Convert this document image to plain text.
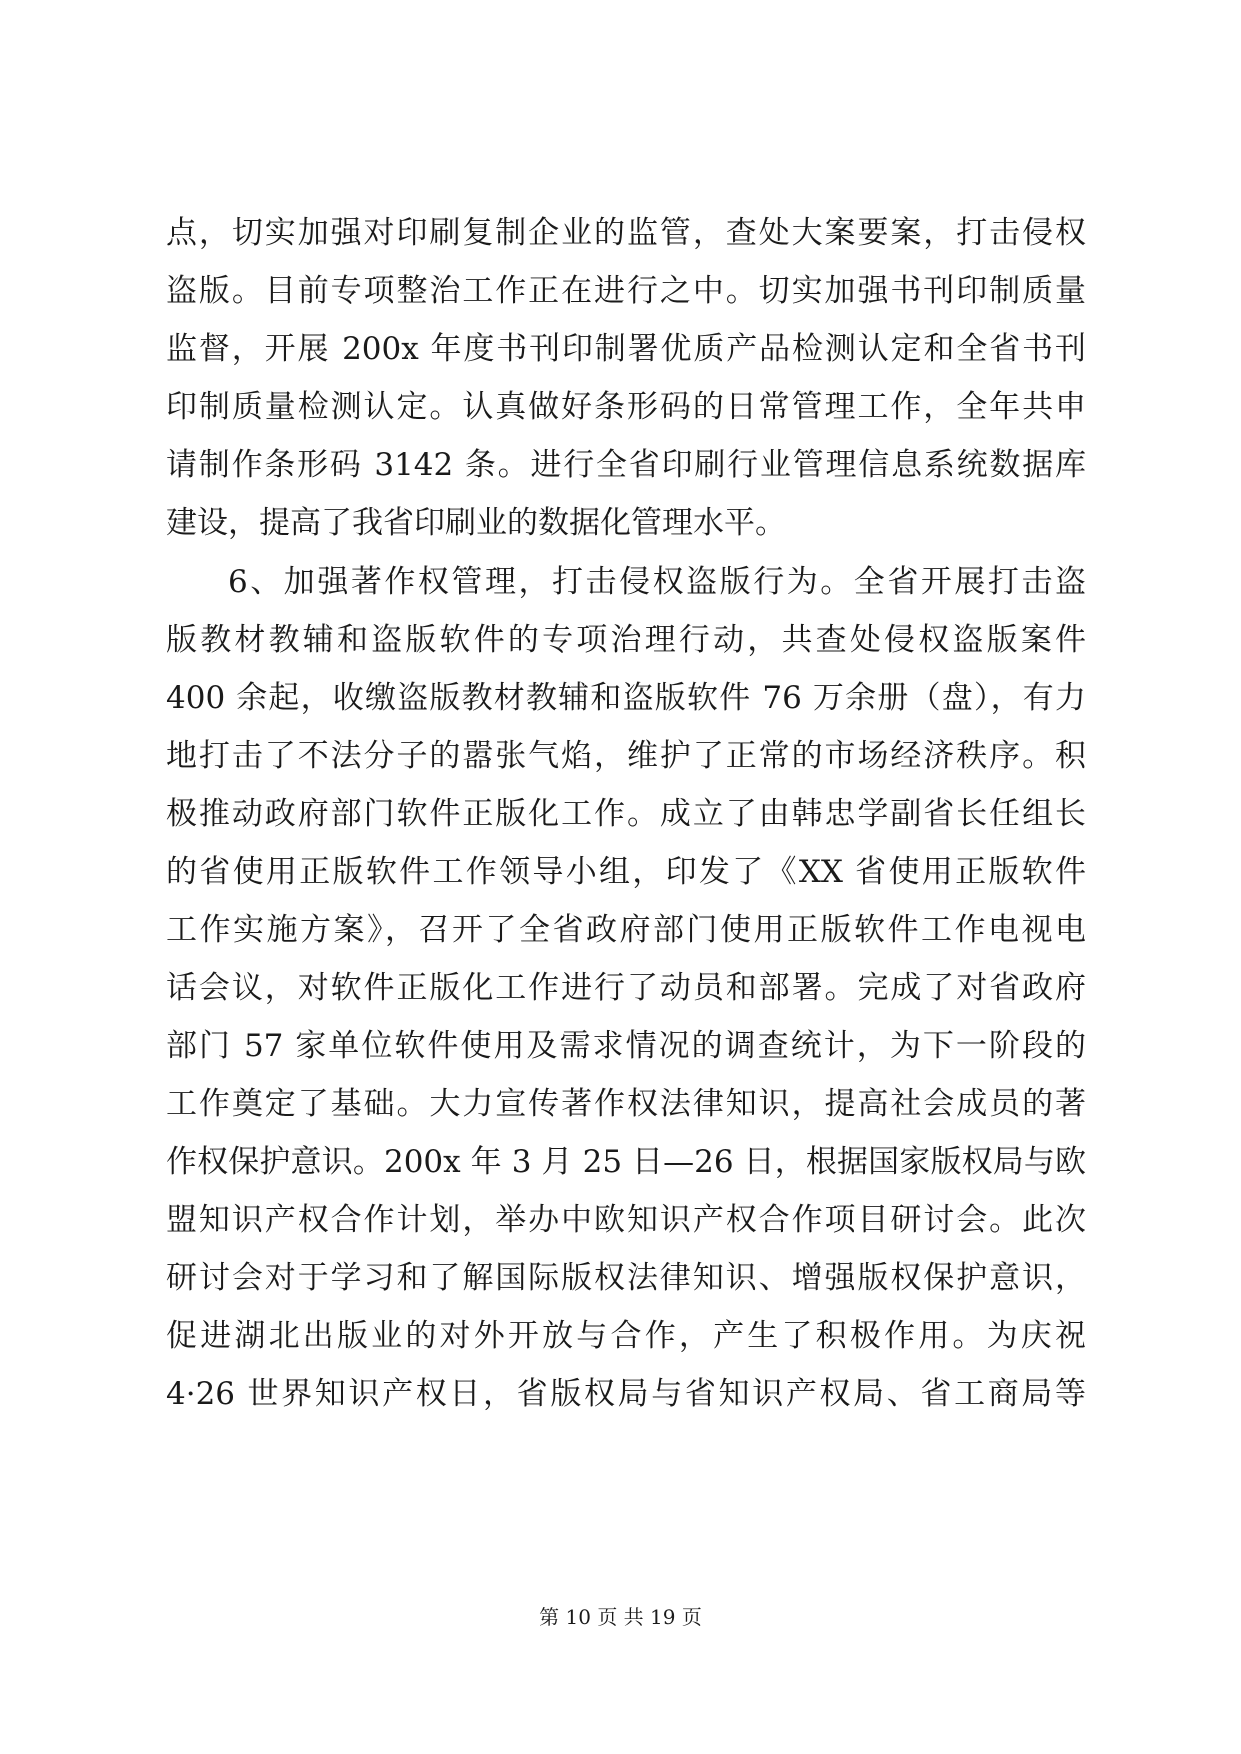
点，切实加强对印刷复制企业的监管，查处大案要案，打击侵权
盗版。目前专项整治工作正在进行之中。切实加强书刊印制质量
监督，开展 200x 年度书刊印制署优质产品检测认定和全省书刊
印制质量检测认定。认真做好条形码的日常管理工作，全年共申
请制作条形码 3142 条。进行全省印刷行业管理信息系统数据库
建设，提高了我省印刷业的数据化管理水平。
6、加强著作权管理，打击侵权盗版行为。全省开展打击盗
版教材教辅和盗版软件的专项治理行动，共查处侵权盗版案件
400 余起，收缴盗版教材教辅和盗版软件 76 万余册（盘），有力
地打击了不法分子的嚣张气焰，维护了正常的市场经济秩序。积
极推动政府部门软件正版化工作。成立了由韩忠学副省长任组长
的省使用正版软件工作领导小组，印发了《XX 省使用正版软件
工作实施方案》，召开了全省政府部门使用正版软件工作电视电
话会议，对软件正版化工作进行了动员和部署。完成了对省政府
部门 57 家单位软件使用及需求情况的调查统计，为下一阶段的
工作奠定了基础。大力宣传著作权法律知识，提高社会成员的著
作权保护意识。200x 年 3 月 25 日—26 日，根据国家版权局与欧
盟知识产权合作计划，举办中欧知识产权合作项目研讨会。此次
研讨会对于学习和了解国际版权法律知识、增强版权保护意识，
促进湖北出版业的对外开放与合作，产生了积极作用。为庆祝
4·26 世界知识产权日，省版权局与省知识产权局、省工商局等
第 10 页 共 19 页
